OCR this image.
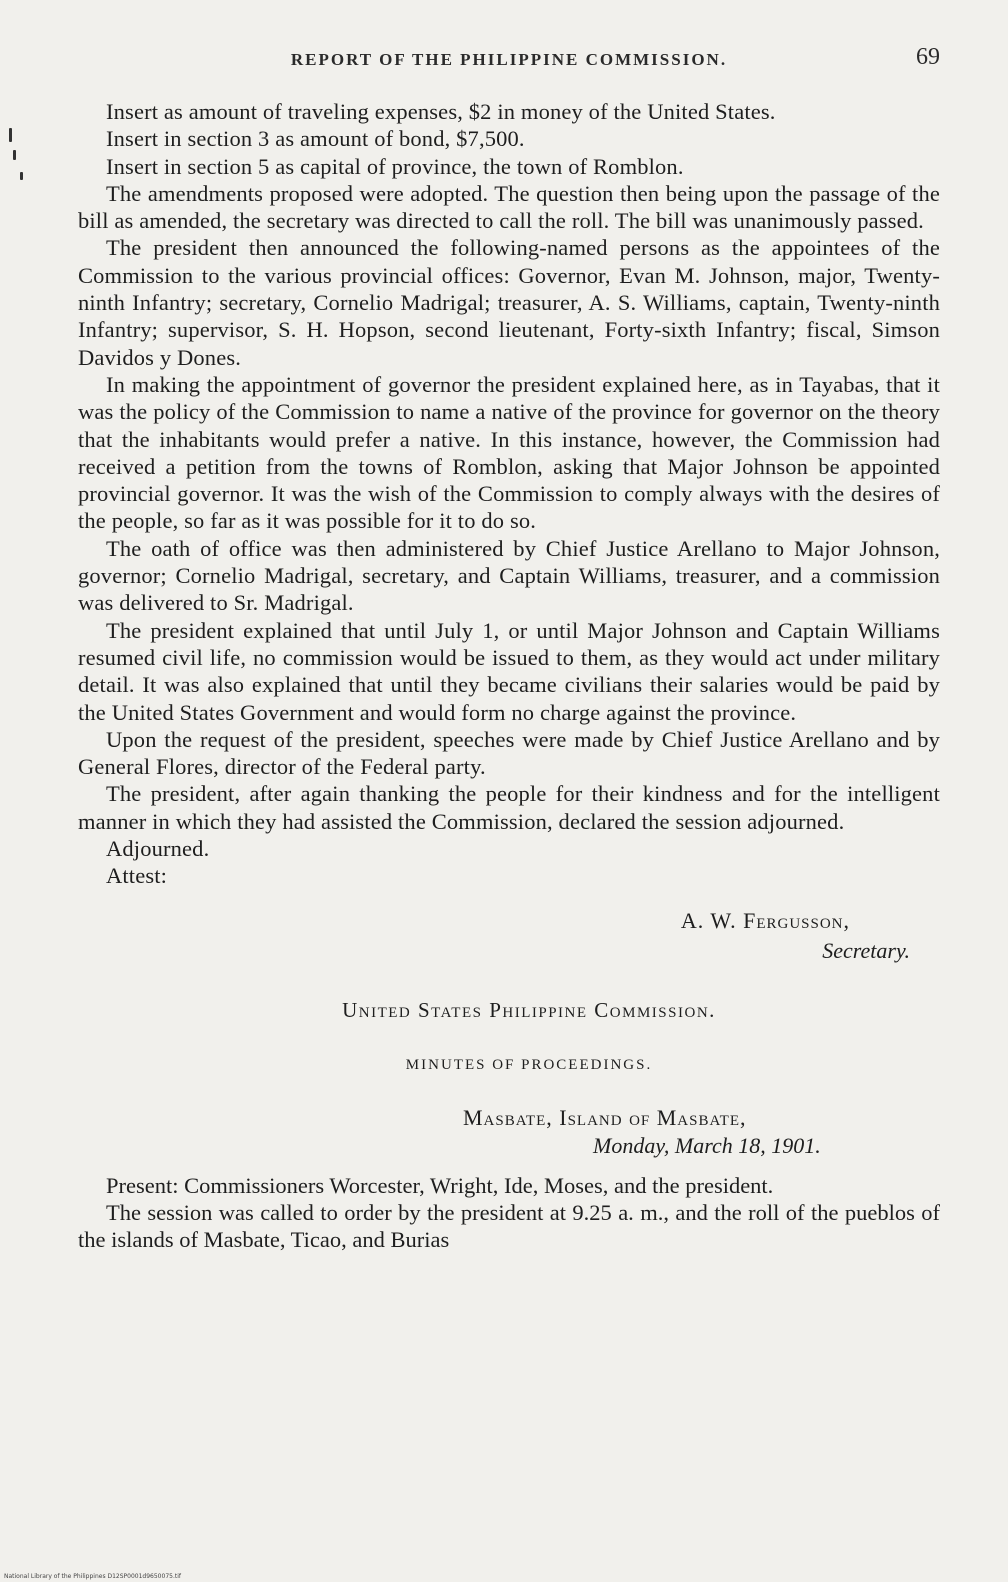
REPORT OF THE PHILIPPINE COMMISSION.	69

Insert as amount of traveling expenses, $2 in money of the United States.

Insert in section 3 as amount of bond, $7,500.

Insert in section 5 as capital of province, the town of Romblon.

The amendments proposed were adopted. The question then being upon the passage of the bill as amended, the secretary was directed to call the roll. The bill was unanimously passed.

The president then announced the following-named persons as the appointees of the Commission to the various provincial offices: Governor, Evan M. Johnson, major, Twenty-ninth Infantry; secretary, Cornelio Madrigal; treasurer, A. S. Williams, captain, Twenty-ninth Infantry; supervisor, S. H. Hopson, second lieutenant, Forty-sixth Infantry; fiscal, Simson Davidos y Dones.

In making the appointment of governor the president explained here, as in Tayabas, that it was the policy of the Commission to name a native of the province for governor on the theory that the inhabitants would prefer a native. In this instance, however, the Commission had received a petition from the towns of Romblon, asking that Major Johnson be appointed provincial governor. It was the wish of the Commission to comply always with the desires of the people, so far as it was possible for it to do so.

The oath of office was then administered by Chief Justice Arellano to Major Johnson, governor; Cornelio Madrigal, secretary, and Captain Williams, treasurer, and a commission was delivered to Sr. Madrigal.

The president explained that until July 1, or until Major Johnson and Captain Williams resumed civil life, no commission would be issued to them, as they would act under military detail. It was also explained that until they became civilians their salaries would be paid by the United States Government and would form no charge against the province.

Upon the request of the president, speeches were made by Chief Justice Arellano and by General Flores, director of the Federal party.

The president, after again thanking the people for their kindness and for the intelligent manner in which they had assisted the Commission, declared the session adjourned.

Adjourned.

Attest:

A. W. Fergusson,
Secretary.
United States Philippine Commission.
MINUTES OF PROCEEDINGS.
Masbate, Island of Masbate,
Monday, March 18, 1901.

Present: Commissioners Worcester, Wright, Ide, Moses, and the president.

The session was called to order by the president at 9.25 a. m., and the roll of the pueblos of the islands of Masbate, Ticao, and Burias

National Library of the Philippines D12SP0001d9650075.tif
